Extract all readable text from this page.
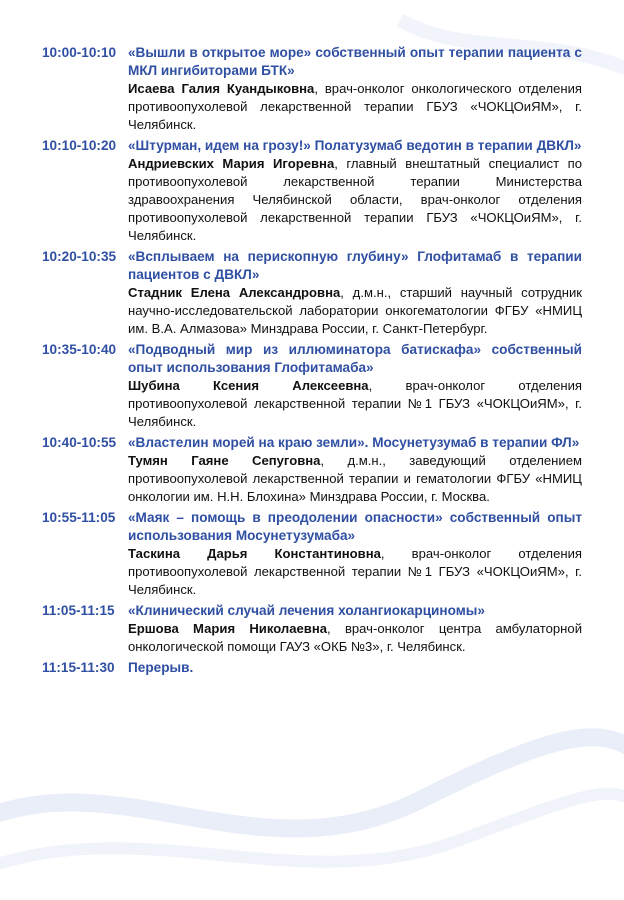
10:00-10:10 «Вышли в открытое море» собственный опыт терапии пациента с МКЛ ингибиторами БТК»
Исаева Галия Куандыковна, врач-онколог онкологического отделения противоопухолевой лекарственной терапии ГБУЗ «ЧОКЦОиЯМ», г. Челябинск.
10:10-10:20 «Штурман, идем на грозу!» Полатузумаб ведотин в терапии ДВКЛ»
Андриевских Мария Игоревна, главный внештатный специалист по противоопухолевой лекарственной терапии Министерства здравоохранения Челябинской области, врач-онколог отделения противоопухолевой лекарственной терапии ГБУЗ «ЧОКЦОиЯМ», г. Челябинск.
10:20-10:35 «Всплываем на перископную глубину» Глофитамаб в терапии пациентов с ДВКЛ»
Стадник Елена Александровна, д.м.н., старший научный сотрудник научно-исследовательской лаборатории онкогематологии ФГБУ «НМИЦ им. В.А. Алмазова» Минздрава России, г. Санкт-Петербург.
10:35-10:40 «Подводный мир из иллюминатора батискафа» собственный опыт использования Глофитамаба»
Шубина Ксения Алексеевна, врач-онколог отделения противоопухолевой лекарственной терапии №1 ГБУЗ «ЧОКЦОиЯМ», г. Челябинск.
10:40-10:55 «Властелин морей на краю земли». Мосунетузумаб в терапии ФЛ»
Тумян Гаяне Сепуговна, д.м.н., заведующий отделением противоопухолевой лекарственной терапии и гематологии ФГБУ «НМИЦ онкологии им. Н.Н. Блохина» Минздрава России, г. Москва.
10:55-11:05 «Маяк – помощь в преодолении опасности» собственный опыт использования Мосунетузумаба»
Таскина Дарья Константиновна, врач-онколог отделения противоопухолевой лекарственной терапии №1 ГБУЗ «ЧОКЦОиЯМ», г. Челябинск.
11:05-11:15 «Клинический случай лечения холангиокарциномы»
Ершова Мария Николаевна, врач-онколог центра амбулаторной онкологической помощи ГАУЗ «ОКБ №3», г. Челябинск.
11:15-11:30 Перерыв.
